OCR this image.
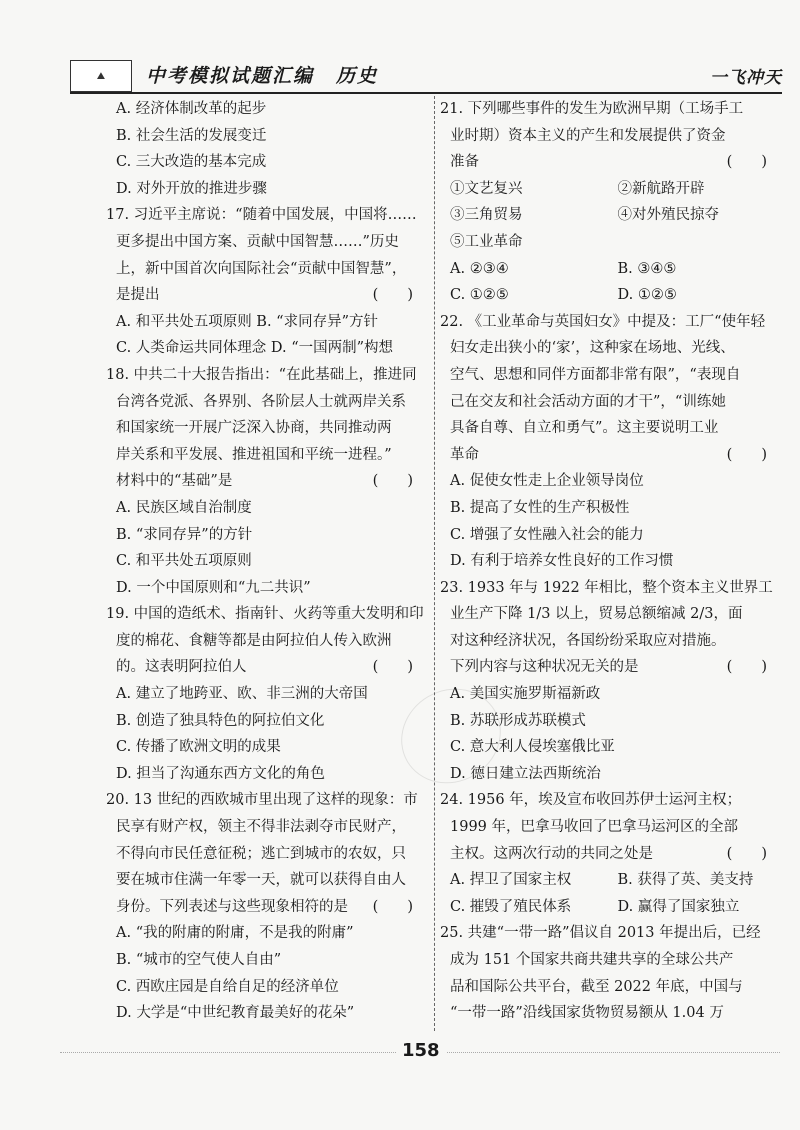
⛰	中考模拟试题汇编 历史	一飞冲天
A. 经济体制改革的起步
B. 社会生活的发展变迁
C. 三大改造的基本完成
D. 对外开放的推进步骤
17. 习近平主席说：“随着中国发展，中国将……
更多提出中国方案、贡献中国智慧……”历史
上，新中国首次向国际社会“贡献中国智慧”，
是提出	(　　)
A. 和平共处五项原则 B. “求同存异”方针
C. 人类命运共同体理念 D. “一国两制”构想
18. 中共二十大报告指出：“在此基础上，推进同
台湾各党派、各界别、各阶层人士就两岸关系
和国家统一开展广泛深入协商，共同推动两
岸关系和平发展、推进祖国和平统一进程。”
材料中的“基础”是	(　　)
A. 民族区域自治制度
B. “求同存异”的方针
C. 和平共处五项原则
D. 一个中国原则和“九二共识”
19. 中国的造纸术、指南针、火药等重大发明和印
度的棉花、食糖等都是由阿拉伯人传入欧洲
的。这表明阿拉伯人	(　　)
A. 建立了地跨亚、欧、非三洲的大帝国
B. 创造了独具特色的阿拉伯文化
C. 传播了欧洲文明的成果
D. 担当了沟通东西方文化的角色
20. 13 世纪的西欧城市里出现了这样的现象：市
民享有财产权，领主不得非法剥夺市民财产，
不得向市民任意征税；逃亡到城市的农奴，只
要在城市住满一年零一天，就可以获得自由人
身份。下列表述与这些现象相符的是 (　　)
A. “我的附庸的附庸，不是我的附庸”
B. “城市的空气使人自由”
C. 西欧庄园是自给自足的经济单位
D. 大学是“中世纪教育最美好的花朵”
21. 下列哪些事件的发生为欧洲早期（工场手工
业时期）资本主义的产生和发展提供了资金
准备	(　　)
①文艺复兴	②新航路开辟
③三角贸易	④对外殖民掠夺
⑤工业革命
A. ②③④	B. ③④⑤
C. ①②⑤	D. ①②⑤
22. 《工业革命与英国妇女》中提及：工厂“使年轻
妇女走出狭小的‘家’，这种家在场地、光线、
空气、思想和同伴方面都非常有限”，“表现自
己在交友和社会活动方面的才干”，“训练她
具备自尊、自立和勇气”。这主要说明工业
革命	(　　)
A. 促使女性走上企业领导岗位
B. 提高了女性的生产积极性
C. 增强了女性融入社会的能力
D. 有利于培养女性良好的工作习惯
23. 1933 年与 1922 年相比，整个资本主义世界工
业生产下降 1/3 以上，贸易总额缩减 2/3，面
对这种经济状况，各国纷纷采取应对措施。
下列内容与这种状况无关的是	(　　)
A. 美国实施罗斯福新政
B. 苏联形成苏联模式
C. 意大利人侵埃塞俄比亚
D. 德日建立法西斯统治
24. 1956 年，埃及宣布收回苏伊士运河主权；
1999 年，巴拿马收回了巴拿马运河区的全部
主权。这两次行动的共同之处是	(　　)
A. 捍卫了国家主权	B. 获得了英、美支持
C. 摧毁了殖民体系	D. 赢得了国家独立
25. 共建“一带一路”倡议自 2013 年提出后，已经
成为 151 个国家共商共建共享的全球公共产
品和国际公共平台，截至 2022 年底，中国与
“一带一路”沿线国家货物贸易额从 1.04 万
158
